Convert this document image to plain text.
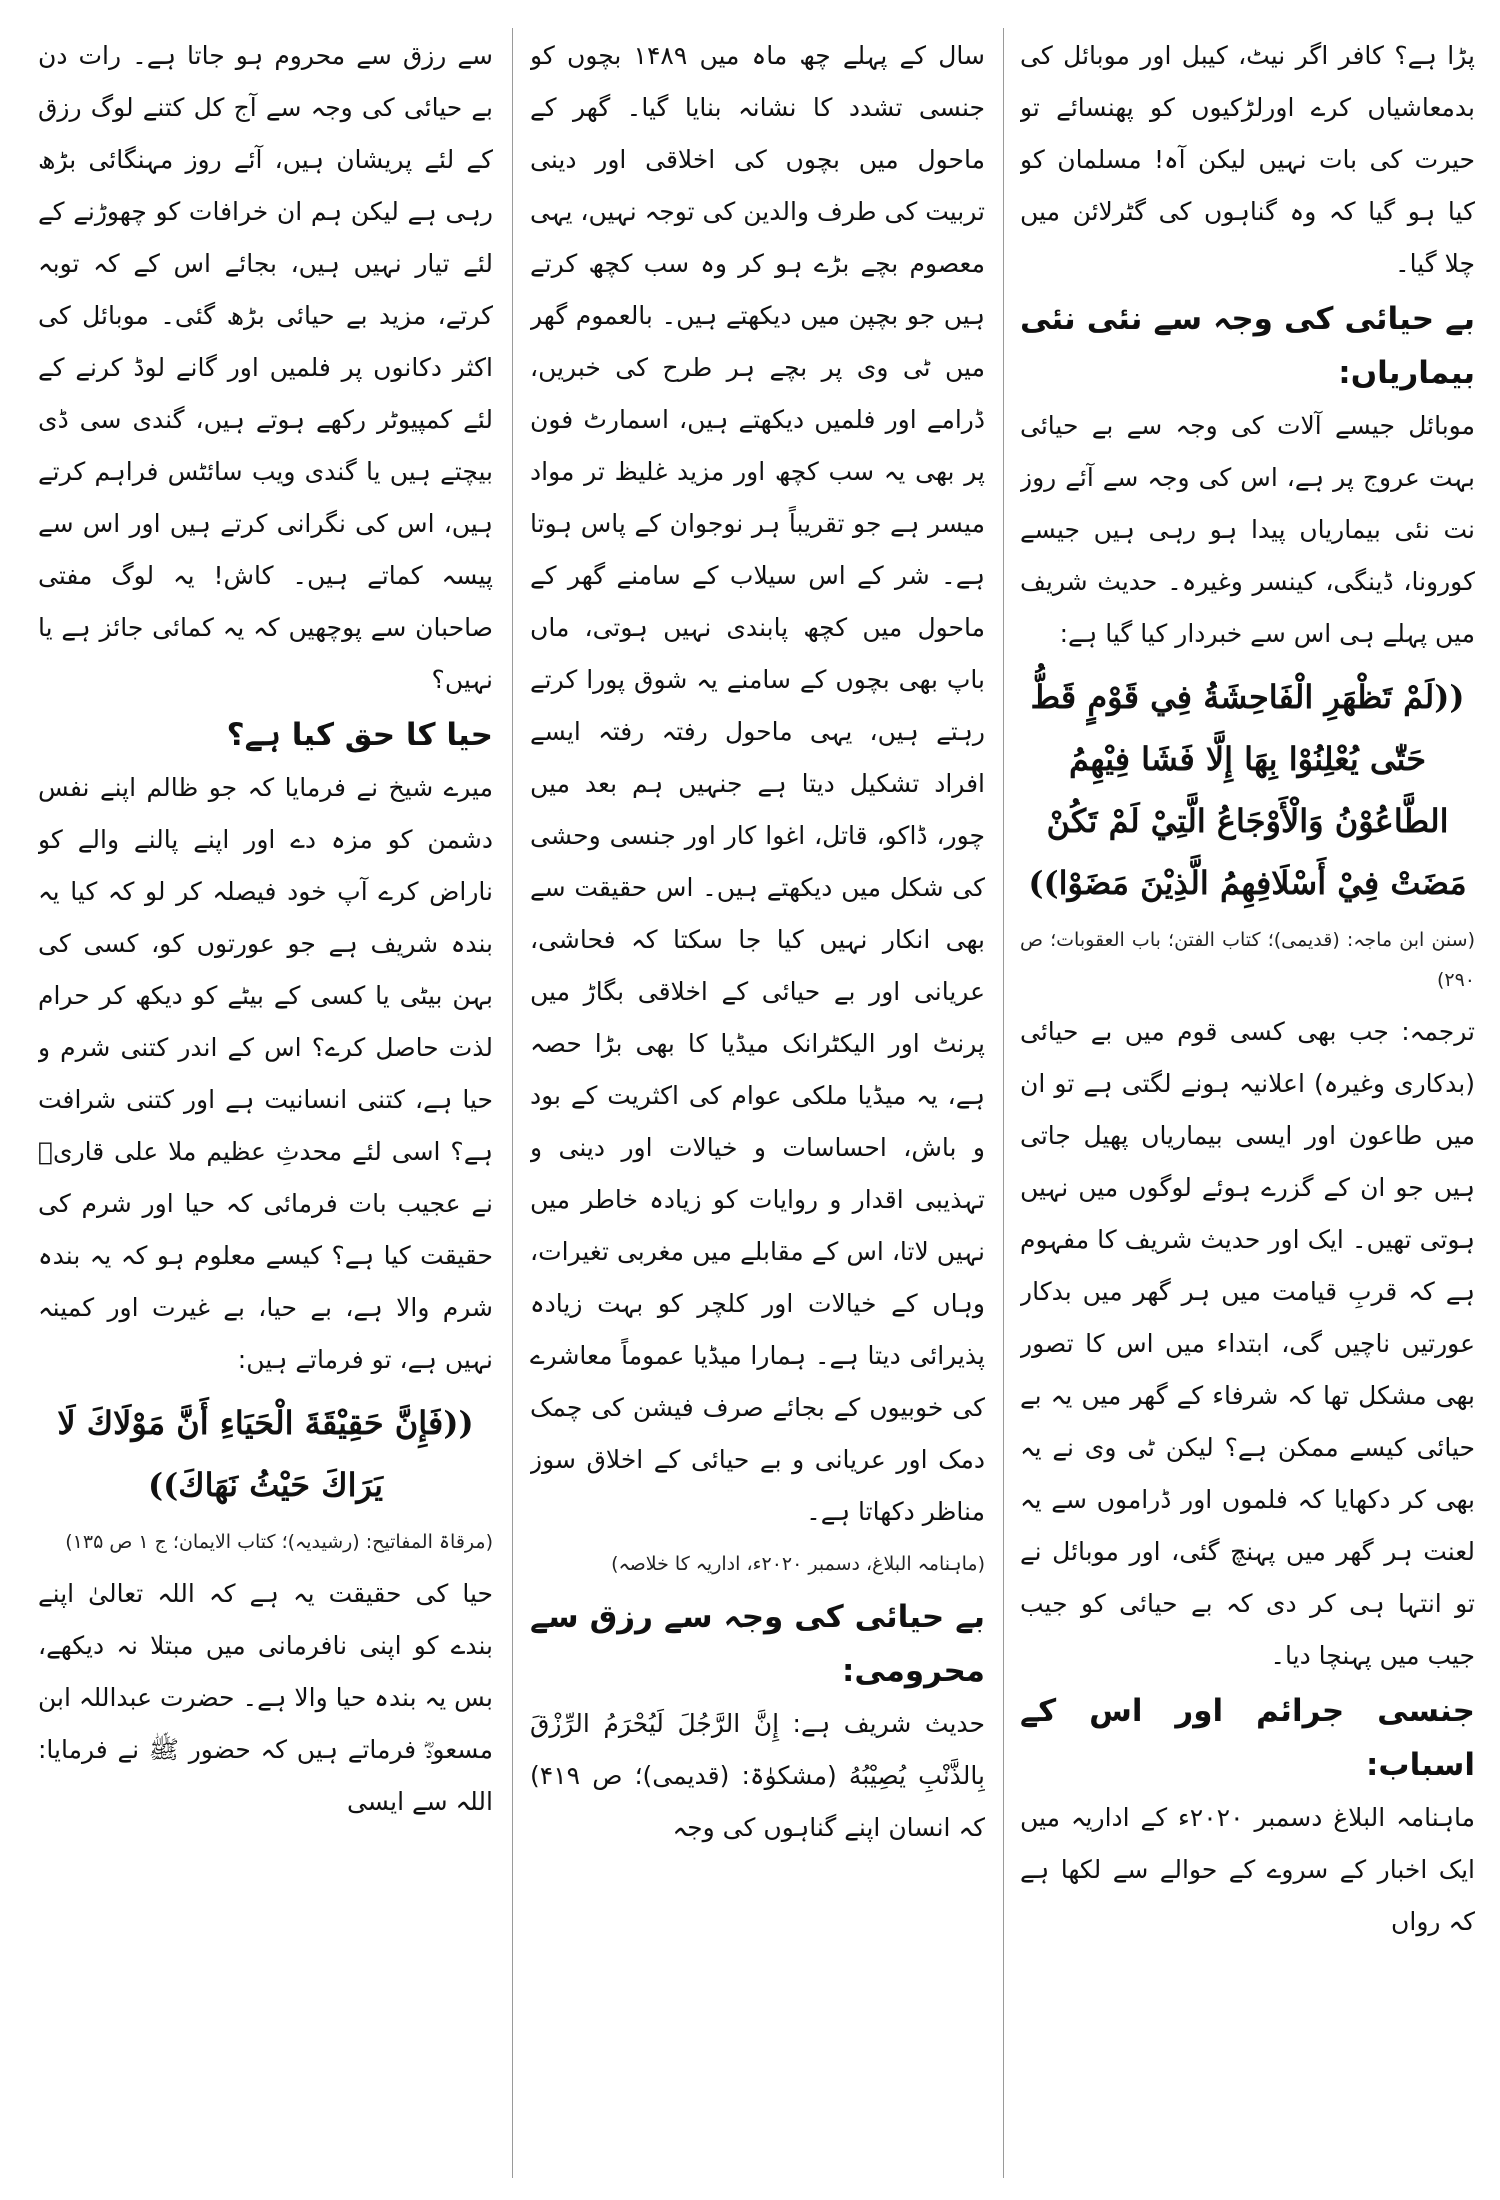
پڑا ہے؟ کافر اگر نیٹ، کیبل اور موبائل کی بدمعاشیاں کرے اورلڑکیوں کو پھنسائے تو حیرت کی بات نہیں لیکن آہ! مسلمان کو کیا ہو گیا کہ وہ گناہوں کی گٹرلائن میں چلا گیا۔

بے حیائی کی وجہ سے نئی نئی بیماریاں:

موبائل جیسے آلات کی وجہ سے بے حیائی بہت عروج پر ہے، اس کی وجہ سے آئے روز نت نئی بیماریاں پیدا ہو رہی ہیں جیسے کورونا، ڈینگی، کینسر وغیرہ۔ حدیث شریف میں پہلے ہی اس سے خبردار کیا گیا ہے:

((لَمْ تَظْهَرِ الْفَاحِشَةُ فِي قَوْمٍ قَطُّ حَتّٰى يُعْلِنُوْا بِهَا إِلَّا فَشَا فِيْهِمُ الطَّاعُوْنُ وَالْأَوْجَاعُ الَّتِيْ لَمْ تَكُنْ مَضَتْ فِيْ أَسْلَافِهِمُ الَّذِيْنَ مَضَوْا))

(سنن ابن ماجہ: (قدیمی)؛ کتاب الفتن؛ باب العقوبات؛ ص ۲۹۰)

ترجمہ: جب بھی کسی قوم میں بے حیائی (بدکاری وغیرہ) اعلانیہ ہونے لگتی ہے تو ان میں طاعون اور ایسی بیماریاں پھیل جاتی ہیں جو ان کے گزرے ہوئے لوگوں میں نہیں ہوتی تھیں۔ ایک اور حدیث شریف کا مفہوم ہے کہ قربِ قیامت میں ہر گھر میں بدکار عورتیں ناچیں گی، ابتداء میں اس کا تصور بھی مشکل تھا کہ شرفاء کے گھر میں یہ بے حیائی کیسے ممکن ہے؟ لیکن ٹی وی نے یہ بھی کر دکھایا کہ فلموں اور ڈراموں سے یہ لعنت ہر گھر میں پہنچ گئی، اور موبائل نے تو انتہا ہی کر دی کہ بے حیائی کو جیب جیب میں پہنچا دیا۔

جنسی جرائم اور اس کے اسباب:

ماہنامہ البلاغ دسمبر ۲۰۲۰ء کے اداریہ میں ایک اخبار کے سروے کے حوالے سے لکھا ہے کہ رواں

سال کے پہلے چھ ماہ میں ۱۴۸۹ بچوں کو جنسی تشدد کا نشانہ بنایا گیا۔ گھر کے ماحول میں بچوں کی اخلاقی اور دینی تربیت کی طرف والدین کی توجہ نہیں، یہی معصوم بچے بڑے ہو کر وہ سب کچھ کرتے ہیں جو بچپن میں دیکھتے ہیں۔ بالعموم گھر میں ٹی وی پر بچے ہر طرح کی خبریں، ڈرامے اور فلمیں دیکھتے ہیں، اسمارٹ فون پر بھی یہ سب کچھ اور مزید غلیظ تر مواد میسر ہے جو تقریباً ہر نوجوان کے پاس ہوتا ہے۔ شر کے اس سیلاب کے سامنے گھر کے ماحول میں کچھ پابندی نہیں ہوتی، ماں باپ بھی بچوں کے سامنے یہ شوق پورا کرتے رہتے ہیں، یہی ماحول رفتہ رفتہ ایسے افراد تشکیل دیتا ہے جنہیں ہم بعد میں چور، ڈاکو، قاتل، اغوا کار اور جنسی وحشی کی شکل میں دیکھتے ہیں۔ اس حقیقت سے بھی انکار نہیں کیا جا سکتا کہ فحاشی، عریانی اور بے حیائی کے اخلاقی بگاڑ میں پرنٹ اور الیکٹرانک میڈیا کا بھی بڑا حصہ ہے، یہ میڈیا ملکی عوام کی اکثریت کے بود و باش، احساسات و خیالات اور دینی و تہذیبی اقدار و روایات کو زیادہ خاطر میں نہیں لاتا، اس کے مقابلے میں مغربی تغیرات، وہاں کے خیالات اور کلچر کو بہت زیادہ پذیرائی دیتا ہے۔ ہمارا میڈیا عموماً معاشرے کی خوبیوں کے بجائے صرف فیشن کی چمک دمک اور عریانی و بے حیائی کے اخلاق سوز مناظر دکھاتا ہے۔

(ماہنامہ البلاغ، دسمبر ۲۰۲۰ء، اداریہ کا خلاصہ)

بے حیائی کی وجہ سے رزق سے محرومی:

حدیث شریف ہے: إِنَّ الرَّجُلَ لَيُحْرَمُ الرِّزْقَ بِالذَّنْبِ يُصِيْبُهُ (مشکوٰۃ: (قدیمی)؛ ص ۴۱۹) کہ انسان اپنے گناہوں کی وجہ

سے رزق سے محروم ہو جاتا ہے۔ رات دن بے حیائی کی وجہ سے آج کل کتنے لوگ رزق کے لئے پریشان ہیں، آئے روز مہنگائی بڑھ رہی ہے لیکن ہم ان خرافات کو چھوڑنے کے لئے تیار نہیں ہیں، بجائے اس کے کہ توبہ کرتے، مزید بے حیائی بڑھ گئی۔ موبائل کی اکثر دکانوں پر فلمیں اور گانے لوڈ کرنے کے لئے کمپیوٹر رکھے ہوتے ہیں، گندی سی ڈی بیچتے ہیں یا گندی ویب سائٹس فراہم کرتے ہیں، اس کی نگرانی کرتے ہیں اور اس سے پیسہ کماتے ہیں۔ کاش! یہ لوگ مفتی صاحبان سے پوچھیں کہ یہ کمائی جائز ہے یا نہیں؟

حیا کا حق کیا ہے؟

میرے شیخ نے فرمایا کہ جو ظالم اپنے نفس دشمن کو مزہ دے اور اپنے پالنے والے کو ناراض کرے آپ خود فیصلہ کر لو کہ کیا یہ بندہ شریف ہے جو عورتوں کو، کسی کی بہن بیٹی یا کسی کے بیٹے کو دیکھ کر حرام لذت حاصل کرے؟ اس کے اندر کتنی شرم و حیا ہے، کتنی انسانیت ہے اور کتنی شرافت ہے؟ اسی لئے محدثِ عظیم ملا علی قاریؒ نے عجیب بات فرمائی کہ حیا اور شرم کی حقیقت کیا ہے؟ کیسے معلوم ہو کہ یہ بندہ شرم والا ہے، بے حیا، بے غیرت اور کمینہ نہیں ہے، تو فرماتے ہیں:

((فَإِنَّ حَقِيْقَةَ الْحَيَاءِ أَنَّ مَوْلَاكَ لَا يَرَاكَ حَيْثُ نَهَاكَ))

(مرقاۃ المفاتیح: (رشیدیہ)؛ کتاب الایمان؛ ج ۱ ص ۱۳۵)

حیا کی حقیقت یہ ہے کہ اللہ تعالیٰ اپنے بندے کو اپنی نافرمانی میں مبتلا نہ دیکھے، بس یہ بندہ حیا والا ہے۔ حضرت عبداللہ ابن مسعودؓ فرماتے ہیں کہ حضور ﷺ نے فرمایا: اللہ سے ایسی
